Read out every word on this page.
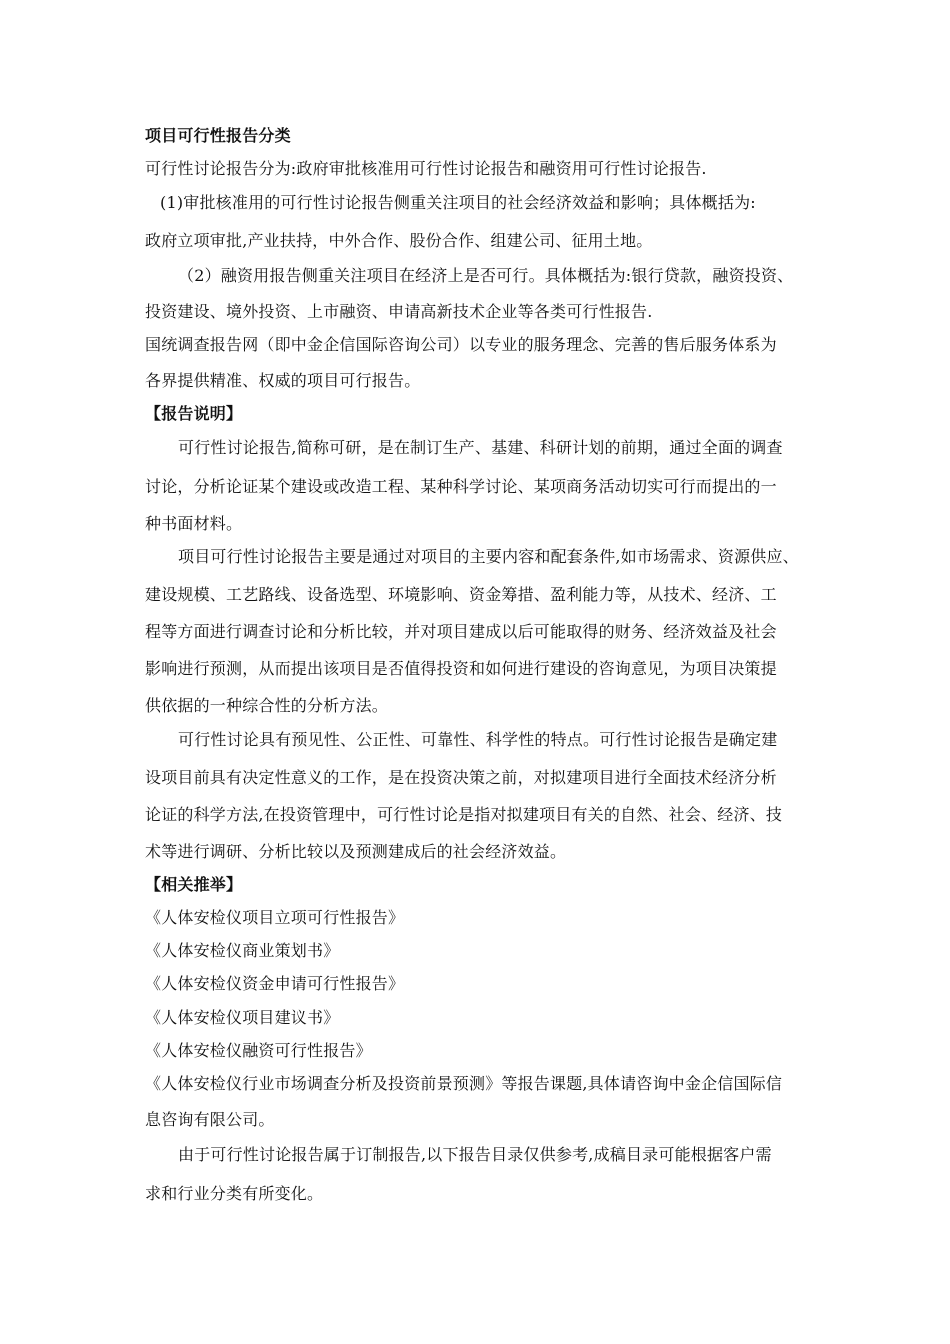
项目可行性报告分类
可行性讨论报告分为:政府审批核准用可行性讨论报告和融资用可行性讨论报告.
(1)审批核准用的可行性讨论报告侧重关注项目的社会经济效益和影响；具体概括为:
政府立项审批,产业扶持，中外合作、股份合作、组建公司、征用土地。
（2）融资用报告侧重关注项目在经济上是否可行。具体概括为:银行贷款，融资投资、
投资建设、境外投资、上市融资、申请高新技术企业等各类可行性报告.
国统调查报告网（即中金企信国际咨询公司）以专业的服务理念、完善的售后服务体系为
各界提供精准、权威的项目可行报告。
【报告说明】
可行性讨论报告,简称可研，是在制订生产、基建、科研计划的前期，通过全面的调查
讨论，分析论证某个建设或改造工程、某种科学讨论、某项商务活动切实可行而提出的一
种书面材料。
项目可行性讨论报告主要是通过对项目的主要内容和配套条件,如市场需求、资源供应、
建设规模、工艺路线、设备选型、环境影响、资金筹措、盈利能力等，从技术、经济、工
程等方面进行调查讨论和分析比较，并对项目建成以后可能取得的财务、经济效益及社会
影响进行预测，从而提出该项目是否值得投资和如何进行建设的咨询意见，为项目决策提
供依据的一种综合性的分析方法。
可行性讨论具有预见性、公正性、可靠性、科学性的特点。可行性讨论报告是确定建
设项目前具有决定性意义的工作，是在投资决策之前，对拟建项目进行全面技术经济分析
论证的科学方法,在投资管理中，可行性讨论是指对拟建项目有关的自然、社会、经济、技
术等进行调研、分析比较以及预测建成后的社会经济效益。
【相关推举】
《人体安检仪项目立项可行性报告》
《人体安检仪商业策划书》
《人体安检仪资金申请可行性报告》
《人体安检仪项目建议书》
《人体安检仪融资可行性报告》
《人体安检仪行业市场调查分析及投资前景预测》等报告课题,具体请咨询中金企信国际信
息咨询有限公司。
由于可行性讨论报告属于订制报告,以下报告目录仅供参考,成稿目录可能根据客户需
求和行业分类有所变化。
